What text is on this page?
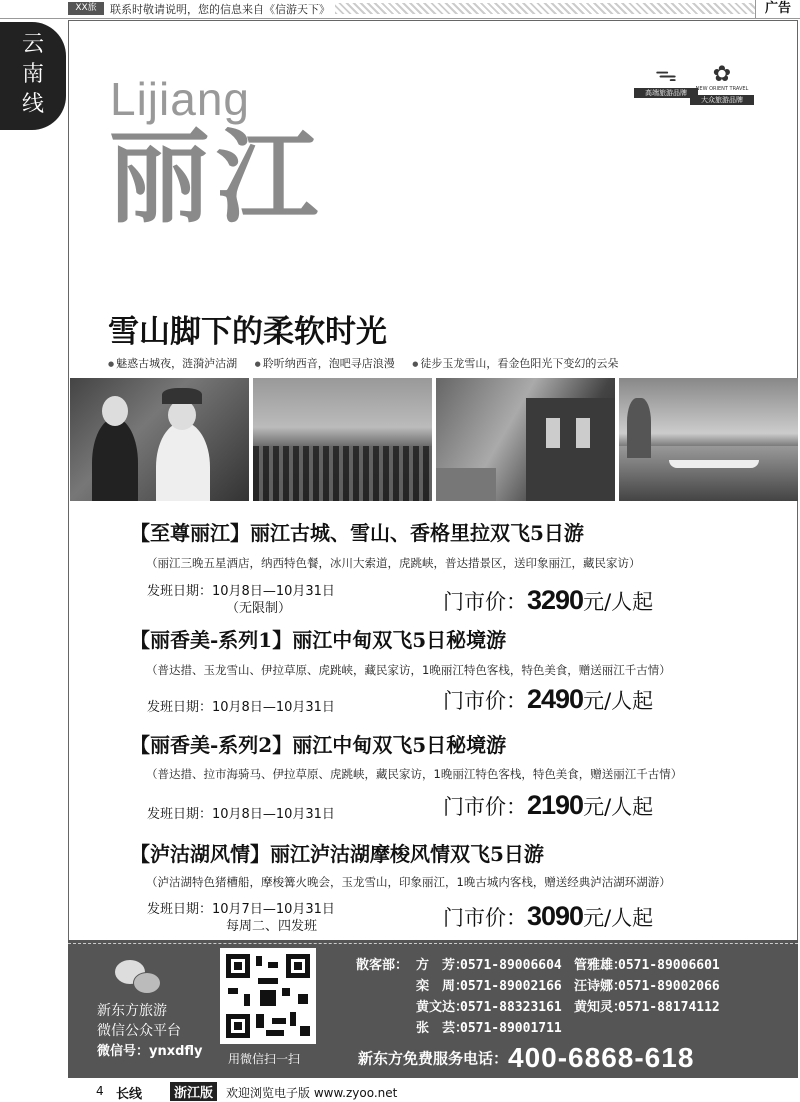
XX旅	联系时敬请说明，您的信息来自《信游天下》	广告
云
南
线	Lijiang
丽江
ᯓ
高端旅游品牌
✿
NEW ORIENT TRAVEL
大众旅游品牌
雪山脚下的柔软时光
● 魅惑古城夜，涟漪泸沽湖 ● 聆听纳西音，泡吧寻店浪漫 ● 徒步玉龙雪山，看金色阳光下变幻的云朵
【至尊丽江】丽江古城、雪山、香格里拉双飞5日游
（丽江三晚五星酒店，纳西特色餐，冰川大索道，虎跳峡，普达措景区，送印象丽江，藏民家访）
发班日期：10月8日—10月31日
（无限制）	门市价：3290元/人起
【丽香美-系列1】丽江中甸双飞5日秘境游
（普达措、玉龙雪山、伊拉草原、虎跳峡，藏民家访，1晚丽江特色客栈，特色美食，赠送丽江千古情）
发班日期：10月8日—10月31日	门市价：2490元/人起
【丽香美-系列2】丽江中甸双飞5日秘境游
（普达措、拉市海骑马、伊拉草原、虎跳峡，藏民家访，1晚丽江特色客栈，特色美食，赠送丽江千古情）
发班日期：10月8日—10月31日	门市价：2190元/人起
【泸沽湖风情】丽江泸沽湖摩梭风情双飞5日游
（泸沽湖特色猪槽船，摩梭篝火晚会，玉龙雪山，印象丽江，1晚古城内客栈，赠送经典泸沽湖环湖游）
发班日期：10月7日—10月31日
每周二、四发班	门市价：3090元/人起
新东方旅游
微信公众平台
微信号：ynxdfly 用微信扫一扫
散客部： 方　芳：0571-89006604 管雅雄：0571-89006601
栾　周：0571-89002166 汪诗娜：0571-89002066
黄文达：0571-88323161 黄知灵：0571-88174112
张　芸：0571-89001711
新东方免费服务电话：400-6868-618
4 长线	浙江版	欢迎浏览电子版 www.zyoo.net
